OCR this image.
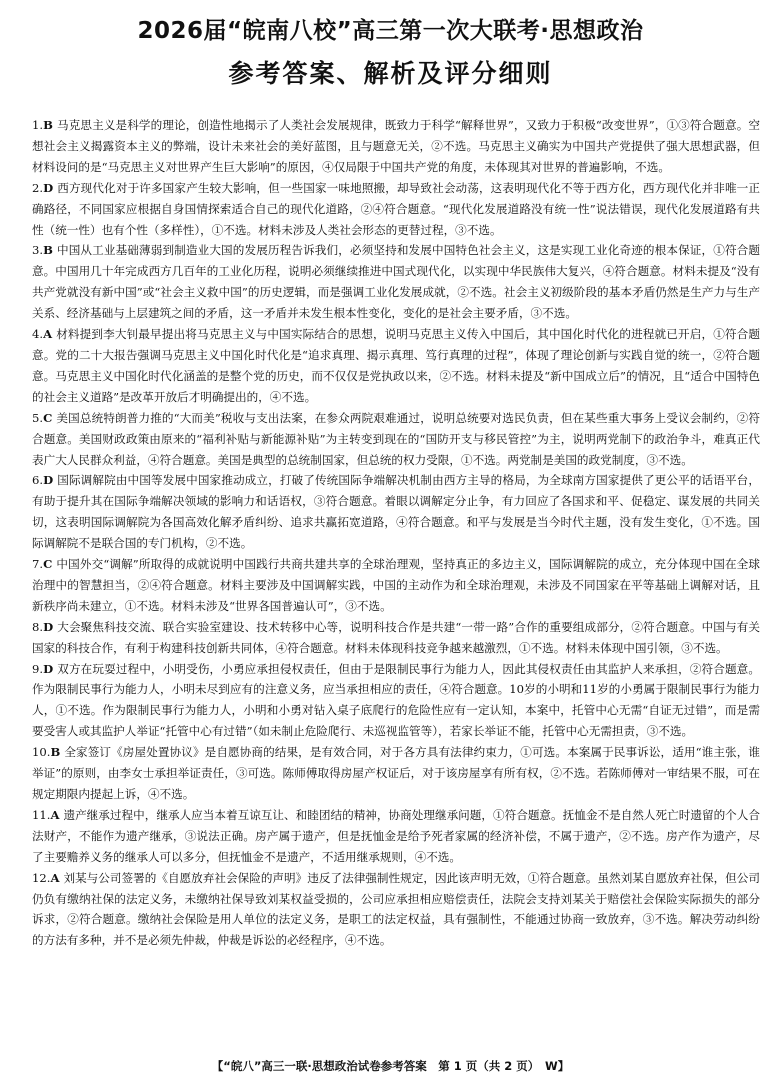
2026届“皖南八校”高三第一次大联考·思想政治
参考答案、解析及评分细则

1.B 马克思主义是科学的理论，创造性地揭示了人类社会发展规律，既致力于科学“解释世界”，又致力于积极“改变世界”，①③符合题意。空想社会主义揭露资本主义的弊端，设计未来社会的美好蓝图，且与题意无关，②不选。马克思主义确实为中国共产党提供了强大思想武器，但材料设问的是“马克思主义对世界产生巨大影响”的原因，④仅局限于中国共产党的角度，未体现其对世界的普遍影响，不选。

2.D 西方现代化对于许多国家产生较大影响，但一些国家一味地照搬，却导致社会动荡，这表明现代化不等于西方化，西方现代化并非唯一正确路径，不同国家应根据自身国情探索适合自己的现代化道路，②④符合题意。“现代化发展道路没有统一性”说法错误，现代化发展道路有共性（统一性）也有个性（多样性），①不选。材料未涉及人类社会形态的更替过程，③不选。

3.B 中国从工业基础薄弱到制造业大国的发展历程告诉我们，必须坚持和发展中国特色社会主义，这是实现工业化奇迹的根本保证，①符合题意。中国用几十年完成西方几百年的工业化历程，说明必须继续推进中国式现代化，以实现中华民族伟大复兴，④符合题意。材料未提及“没有共产党就没有新中国”或“社会主义救中国”的历史逻辑，而是强调工业化发展成就，②不选。社会主义初级阶段的基本矛盾仍然是生产力与生产关系、经济基础与上层建筑之间的矛盾，这一矛盾并未发生根本性变化，变化的是社会主要矛盾，③不选。

4.A 材料提到李大钊最早提出将马克思主义与中国实际结合的思想，说明马克思主义传入中国后，其中国化时代化的进程就已开启，①符合题意。党的二十大报告强调马克思主义中国化时代化是“追求真理、揭示真理、笃行真理的过程”，体现了理论创新与实践自觉的统一，②符合题意。马克思主义中国化时代化涵盖的是整个党的历史，而不仅仅是党执政以来，②不选。材料未提及“新中国成立后”的情况，且“适合中国特色的社会主义道路”是改革开放后才明确提出的，④不选。

5.C 美国总统特朗普力推的“大而美”税收与支出法案，在参众两院艰难通过，说明总统要对选民负责，但在某些重大事务上受议会制约，②符合题意。美国财政政策由原来的“福利补贴与新能源补贴”为主转变到现在的“国防开支与移民管控”为主，说明两党制下的政治争斗，难真正代表广大人民群众利益，④符合题意。美国是典型的总统制国家，但总统的权力受限，①不选。两党制是美国的政党制度，③不选。

6.D 国际调解院由中国等发展中国家推动成立，打破了传统国际争端解决机制由西方主导的格局，为全球南方国家提供了更公平的话语平台，有助于提升其在国际争端解决领域的影响力和话语权，③符合题意。着眼以调解定分止争，有力回应了各国求和平、促稳定、谋发展的共同关切，这表明国际调解院为各国高效化解矛盾纠纷、追求共赢拓宽道路，④符合题意。和平与发展是当今时代主题，没有发生变化，①不选。国际调解院不是联合国的专门机构，②不选。

7.C 中国外交“调解”所取得的成就说明中国践行共商共建共享的全球治理观，坚持真正的多边主义，国际调解院的成立，充分体现中国在全球治理中的智慧担当，②④符合题意。材料主要涉及中国调解实践，中国的主动作为和全球治理观，未涉及不同国家在平等基础上调解对话，且新秩序尚未建立，①不选。材料未涉及“世界各国普遍认可”，③不选。

8.D 大会聚焦科技交流、联合实验室建设、技术转移中心等，说明科技合作是共建“一带一路”合作的重要组成部分，②符合题意。中国与有关国家的科技合作，有利于构建科技创新共同体，④符合题意。材料未体现科技竞争越来越激烈，①不选。材料未体现中国引领，③不选。

9.D 双方在玩耍过程中，小明受伤，小勇应承担侵权责任，但由于是限制民事行为能力人，因此其侵权责任由其监护人来承担，②符合题意。作为限制民事行为能力人，小明未尽到应有的注意义务，应当承担相应的责任，④符合题意。10岁的小明和11岁的小勇属于限制民事行为能力人，①不选。作为限制民事行为能力人，小明和小勇对钻入桌子底爬行的危险性应有一定认知，本案中，托管中心无需“自证无过错”，而是需要受害人或其监护人举证“托管中心有过错”（如未制止危险爬行、未巡视监管等），若家长举证不能，托管中心无需担责，③不选。

10.B 全家签订《房屋处置协议》是自愿协商的结果，是有效合同，对于各方具有法律约束力，①可选。本案属于民事诉讼，适用“谁主张，谁举证”的原则，由李女士承担举证责任，③可选。陈师傅取得房屋产权证后，对于该房屋享有所有权，②不选。若陈师傅对一审结果不服，可在规定期限内提起上诉，④不选。

11.A 遗产继承过程中，继承人应当本着互谅互让、和睦团结的精神，协商处理继承问题，①符合题意。抚恤金不是自然人死亡时遗留的个人合法财产，不能作为遗产继承，③说法正确。房产属于遗产，但是抚恤金是给予死者家属的经济补偿，不属于遗产，②不选。房产作为遗产，尽了主要赡养义务的继承人可以多分，但抚恤金不是遗产，不适用继承规则，④不选。

12.A 刘某与公司签署的《自愿放弃社会保险的声明》违反了法律强制性规定，因此该声明无效，①符合题意。虽然刘某自愿放弃社保，但公司仍负有缴纳社保的法定义务，未缴纳社保导致刘某权益受损的，公司应承担相应赔偿责任，法院会支持刘某关于赔偿社会保险实际损失的部分诉求，②符合题意。缴纳社会保险是用人单位的法定义务，是职工的法定权益，具有强制性，不能通过协商一致放弃，③不选。解决劳动纠纷的方法有多种，并不是必须先仲裁，仲裁是诉讼的必经程序，④不选。

【“皖八”高三一联·思想政治试卷参考答案　第 1 页（共 2 页）　W】
